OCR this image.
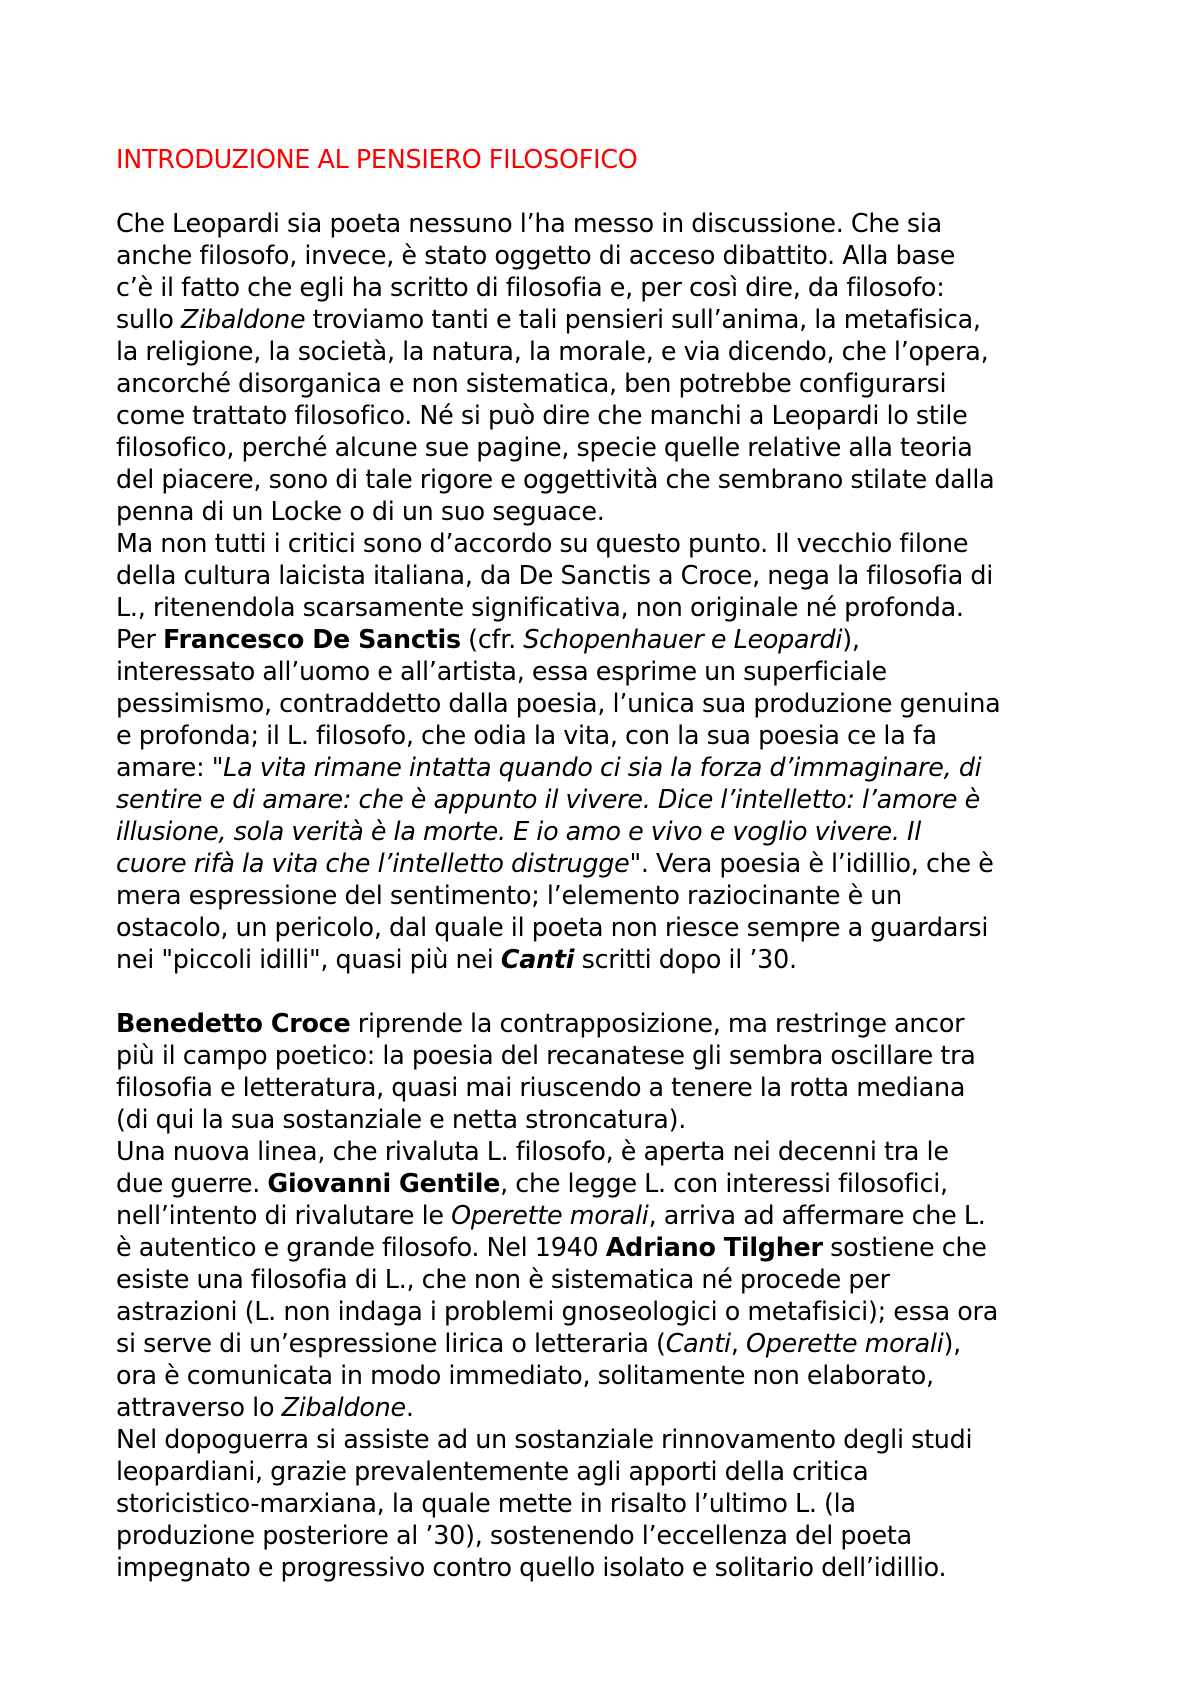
INTRODUZIONE AL PENSIERO FILOSOFICO

Che Leopardi sia poeta nessuno l’ha messo in discussione. Che sia
anche filosofo, invece, è stato oggetto di acceso dibattito. Alla base
c’è il fatto che egli ha scritto di filosofia e, per così dire, da filosofo:
sullo Zibaldone troviamo tanti e tali pensieri sull’anima, la metafisica,
la religione, la società, la natura, la morale, e via dicendo, che l’opera,
ancorché disorganica e non sistematica, ben potrebbe configurarsi
come trattato filosofico. Né si può dire che manchi a Leopardi lo stile
filosofico, perché alcune sue pagine, specie quelle relative alla teoria
del piacere, sono di tale rigore e oggettività che sembrano stilate dalla
penna di un Locke o di un suo seguace.

Ma non tutti i critici sono d’accordo su questo punto. Il vecchio filone
della cultura laicista italiana, da De Sanctis a Croce, nega la filosofia di
L., ritenendola scarsamente significativa, non originale né profonda.
Per Francesco De Sanctis (cfr. Schopenhauer e Leopardi),
interessato all’uomo e all’artista, essa esprime un superficiale
pessimismo, contraddetto dalla poesia, l’unica sua produzione genuina
e profonda; il L. filosofo, che odia la vita, con la sua poesia ce la fa
amare: "La vita rimane intatta quando ci sia la forza d’immaginare, di
sentire e di amare: che è appunto il vivere. Dice l’intelletto: l’amore è
illusione, sola verità è la morte. E io amo e vivo e voglio vivere. Il
cuore rifà la vita che l’intelletto distrugge". Vera poesia è l’idillio, che è
mera espressione del sentimento; l’elemento raziocinante è un
ostacolo, un pericolo, dal quale il poeta non riesce sempre a guardarsi
nei "piccoli idilli", quasi più nei Canti scritti dopo il ’30.

Benedetto Croce riprende la contrapposizione, ma restringe ancor
più il campo poetico: la poesia del recanatese gli sembra oscillare tra
filosofia e letteratura, quasi mai riuscendo a tenere la rotta mediana
(di qui la sua sostanziale e netta stroncatura).

Una nuova linea, che rivaluta L. filosofo, è aperta nei decenni tra le
due guerre. Giovanni Gentile, che legge L. con interessi filosofici,
nell’intento di rivalutare le Operette morali, arriva ad affermare che L.
è autentico e grande filosofo. Nel 1940 Adriano Tilgher sostiene che
esiste una filosofia di L., che non è sistematica né procede per
astrazioni (L. non indaga i problemi gnoseologici o metafisici); essa ora
si serve di un’espressione lirica o letteraria (Canti, Operette morali),
ora è comunicata in modo immediato, solitamente non elaborato,
attraverso lo Zibaldone.

Nel dopoguerra si assiste ad un sostanziale rinnovamento degli studi
leopardiani, grazie prevalentemente agli apporti della critica
storicistico-marxiana, la quale mette in risalto l’ultimo L. (la
produzione posteriore al ’30), sostenendo l’eccellenza del poeta
impegnato e progressivo contro quello isolato e solitario dell’idillio.
